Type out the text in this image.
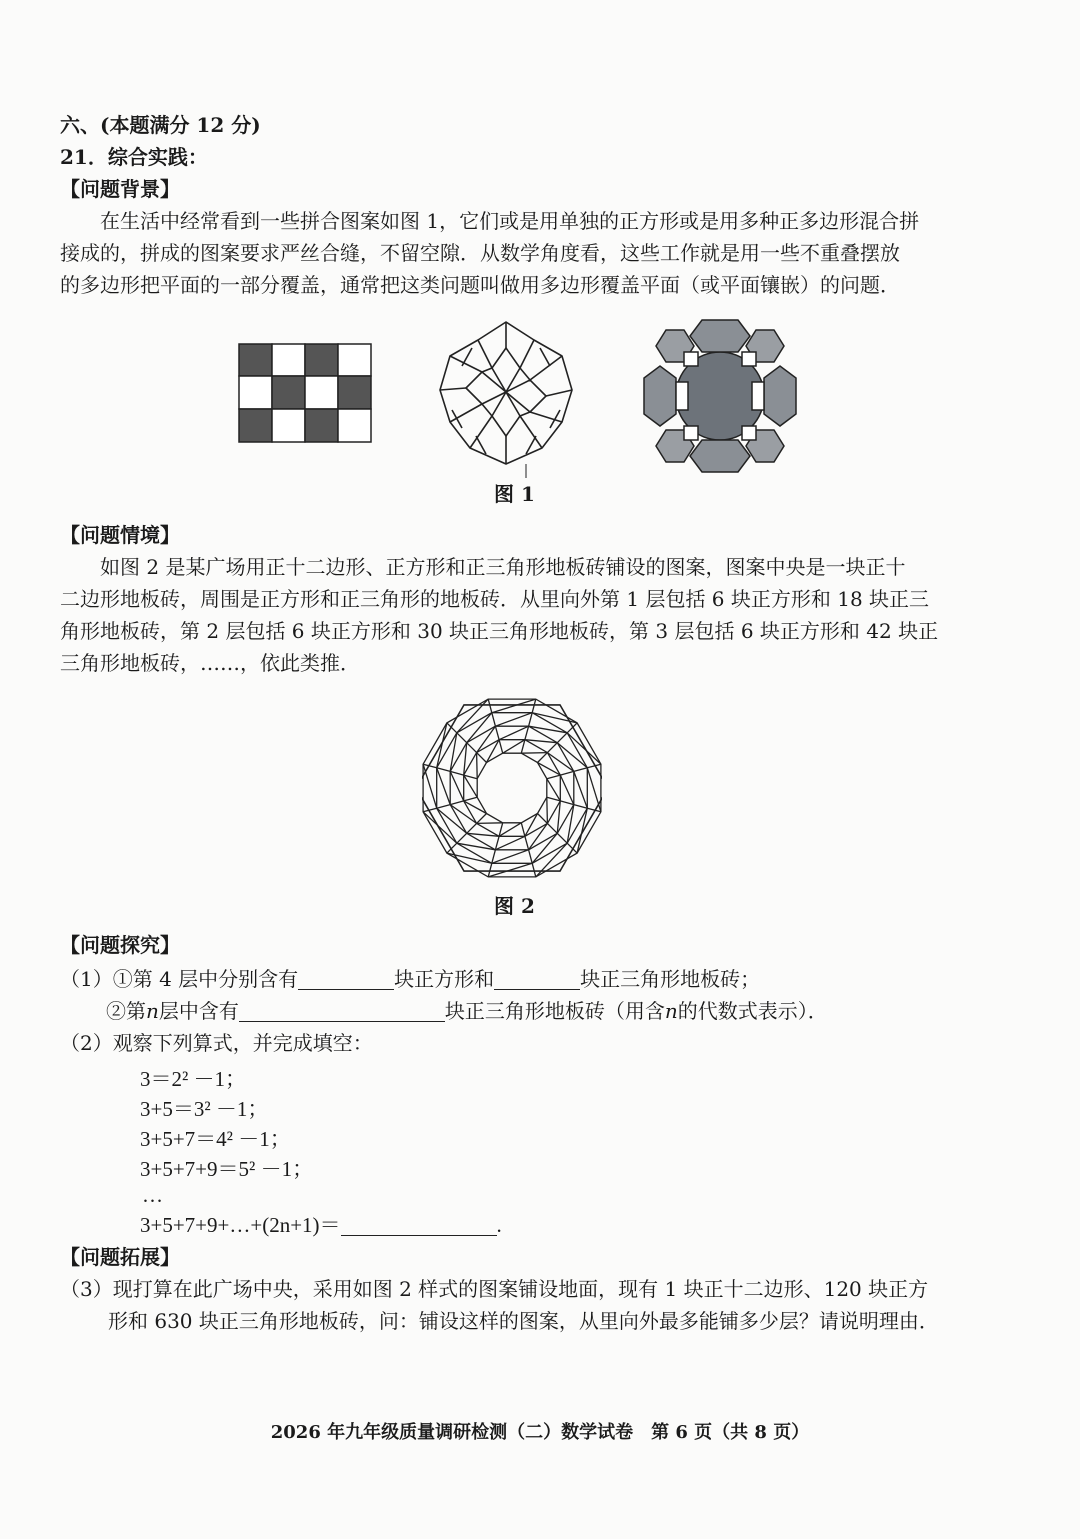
六、(本题满分 12 分)
21．综合实践：
【问题背景】
在生活中经常看到一些拼合图案如图 1，它们或是用单独的正方形或是用多种正多边形混合拼
接成的，拼成的图案要求严丝合缝，不留空隙．从数学角度看，这些工作就是用一些不重叠摆放
的多边形把平面的一部分覆盖，通常把这类问题叫做用多边形覆盖平面（或平面镶嵌）的问题．
图 1
【问题情境】
如图 2 是某广场用正十二边形、正方形和正三角形地板砖铺设的图案，图案中央是一块正十
二边形地板砖，周围是正方形和正三角形的地板砖．从里向外第 1 层包括 6 块正方形和 18 块正三
角形地板砖，第 2 层包括 6 块正方形和 30 块正三角形地板砖，第 3 层包括 6 块正方形和 42 块正
三角形地板砖，……，依此类推．
图 2
【问题探究】
（1）①第 4 层中分别含有	块正方形和	块正三角形地板砖；
②第n层中含有	块正三角形地板砖（用含n的代数式表示）．
（2）观察下列算式，并完成填空：
3＝2² －1；
3+5＝3² －1；
3+5+7＝4² －1；
3+5+7+9＝5² －1；
…
3+5+7+9+…+(2n+1)＝	.
【问题拓展】
（3）现打算在此广场中央，采用如图 2 样式的图案铺设地面，现有 1 块正十二边形、120 块正方
形和 630 块正三角形地板砖，问：铺设这样的图案，从里向外最多能铺多少层？请说明理由．
2026 年九年级质量调研检测（二）数学试卷　第 6 页（共 8 页）
